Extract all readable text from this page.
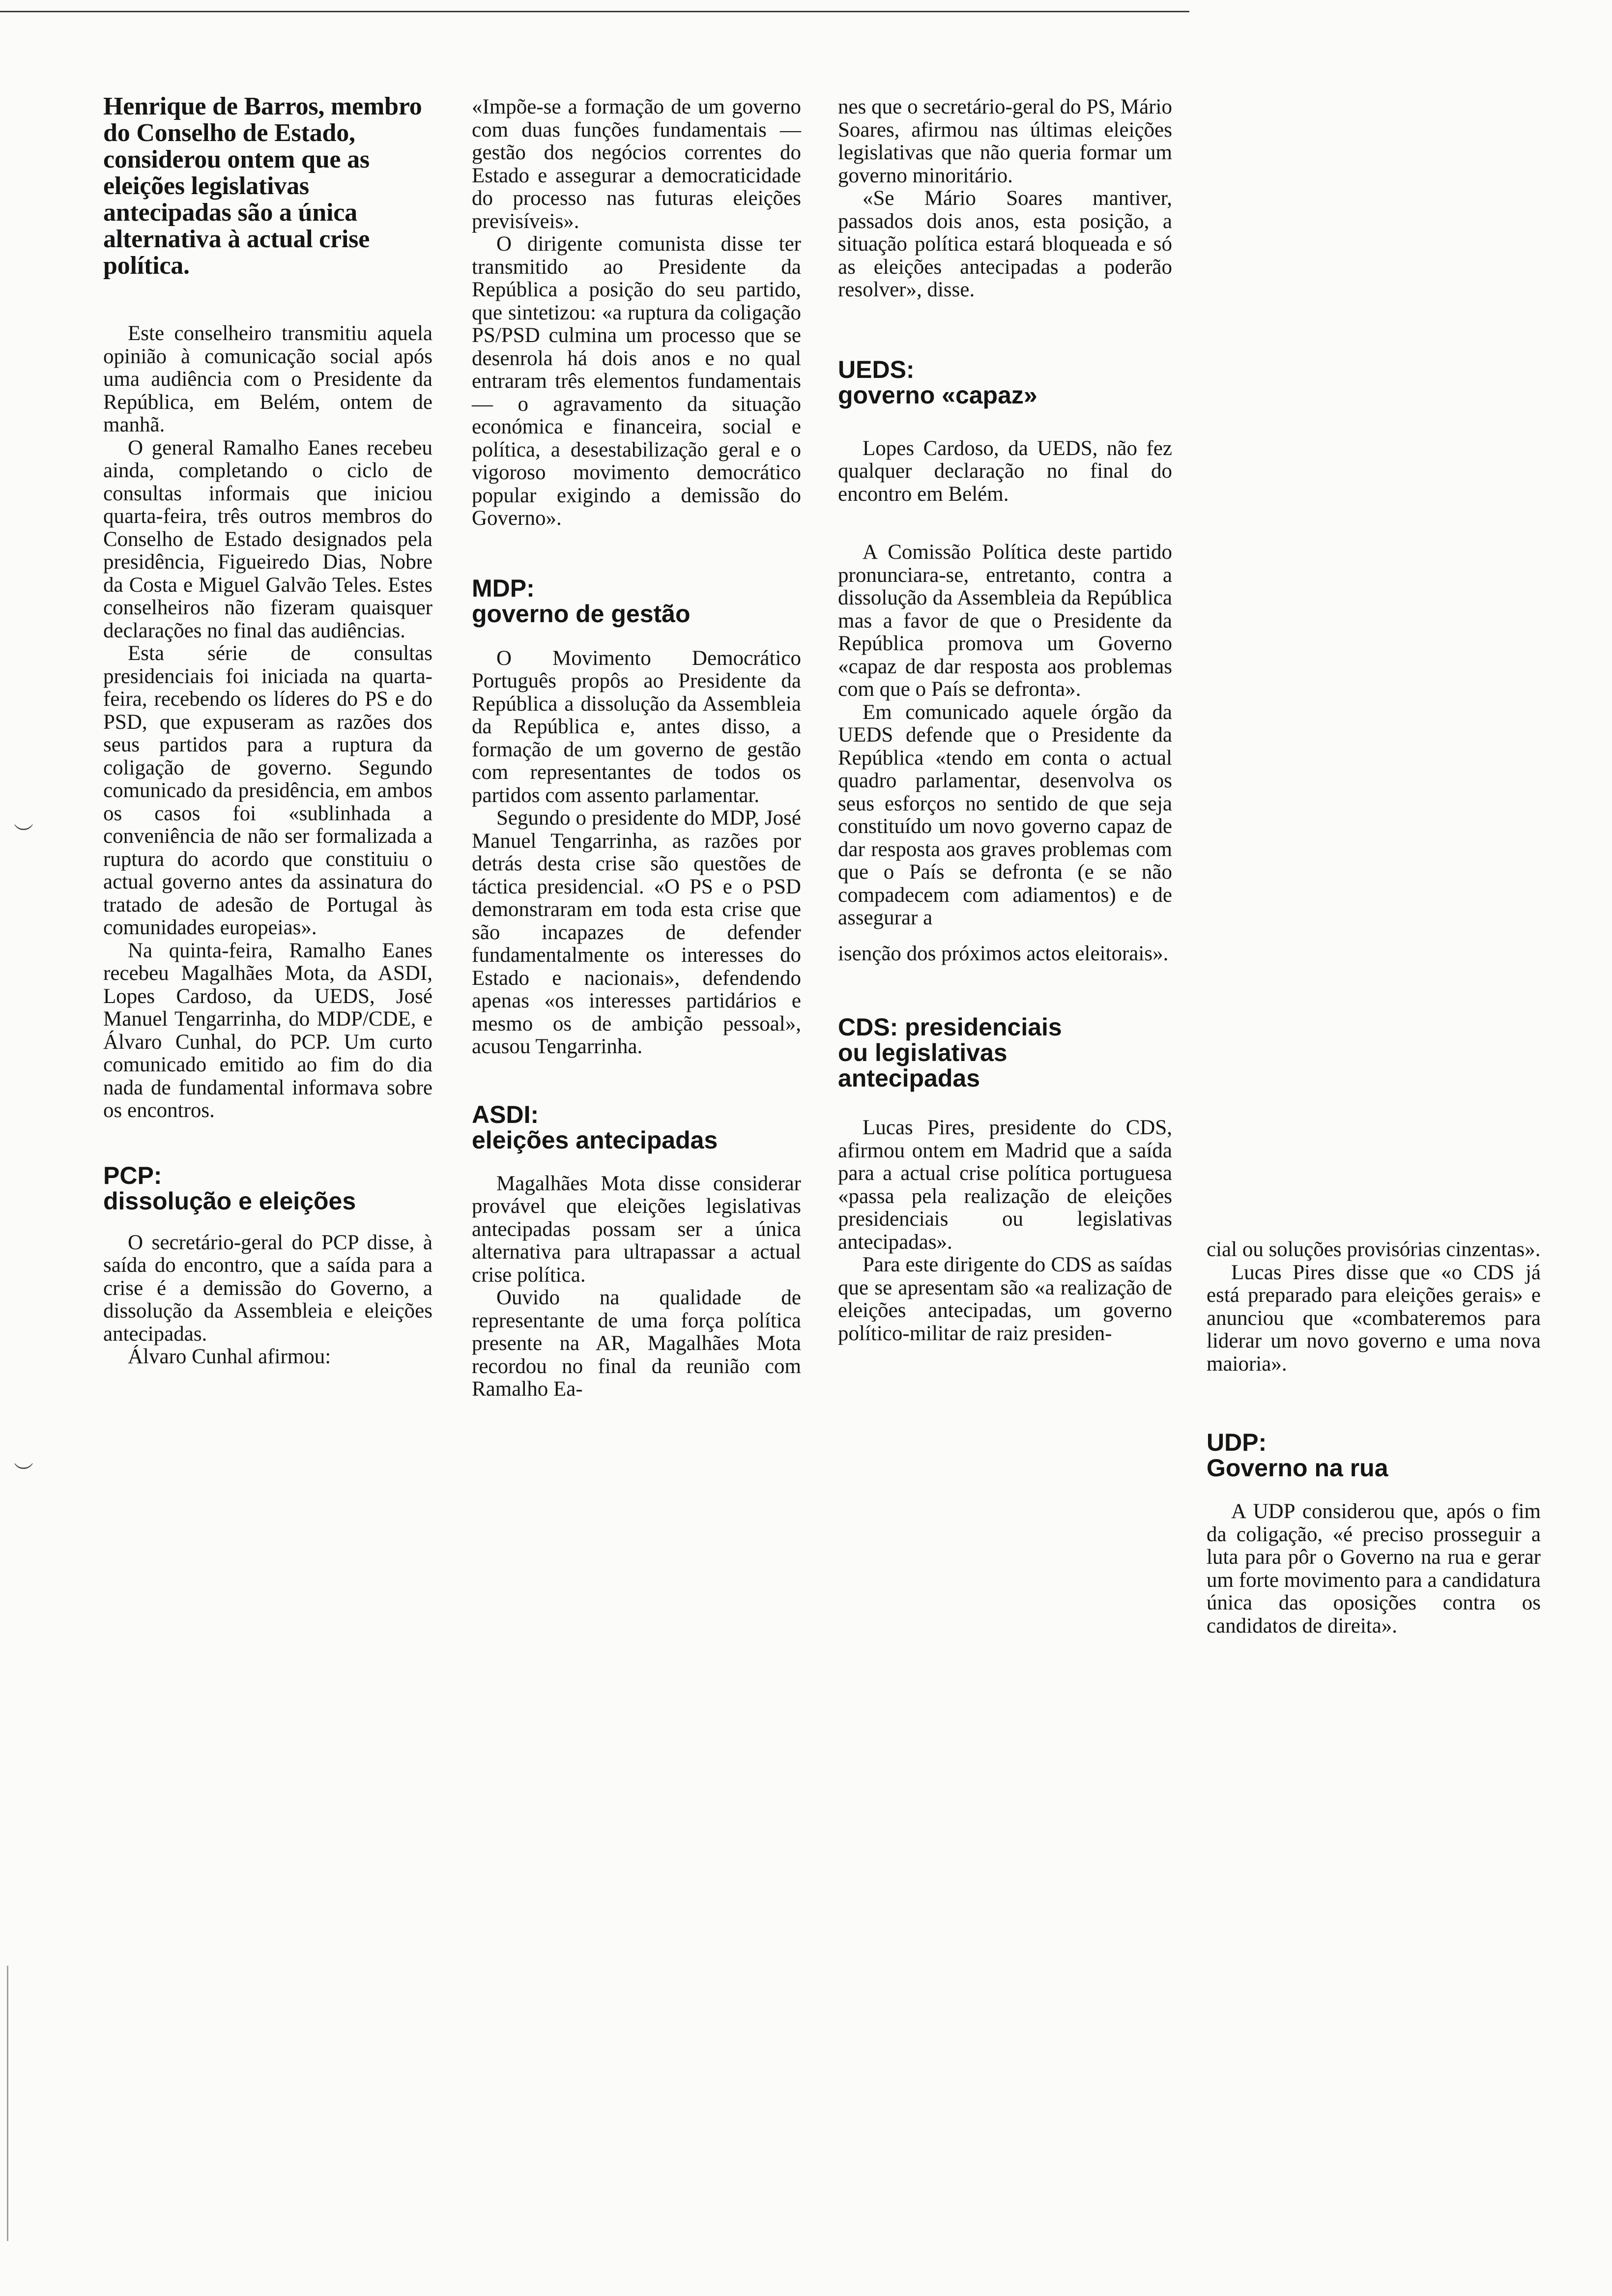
Henrique de Barros, membro do Conselho de Estado, considerou ontem que as eleições legislativas antecipadas são a única alternativa à actual crise política.

Este conselheiro transmitiu aquela opinião à comunicação social após uma audiência com o Presidente da República, em Belém, ontem de manhã.

O general Ramalho Eanes recebeu ainda, completando o ciclo de consultas informais que iniciou quarta-feira, três outros membros do Conselho de Estado designados pela presidência, Figueiredo Dias, Nobre da Costa e Miguel Galvão Teles. Estes conselheiros não fizeram quaisquer declarações no final das audiências.

Esta série de consultas presidenciais foi iniciada na quarta-feira, recebendo os líderes do PS e do PSD, que expuseram as razões dos seus partidos para a ruptura da coligação de governo. Segundo comunicado da presidência, em ambos os casos foi «sublinhada a conveniência de não ser formalizada a ruptura do acordo que constituiu o actual governo antes da assinatura do tratado de adesão de Portugal às comunidades europeias».

Na quinta-feira, Ramalho Eanes recebeu Magalhães Mota, da ASDI, Lopes Cardoso, da UEDS, José Manuel Tengarrinha, do MDP/CDE, e Álvaro Cunhal, do PCP. Um curto comunicado emitido ao fim do dia nada de fundamental informava sobre os encontros.

PCP:

dissolução e eleições

O secretário-geral do PCP disse, à saída do encontro, que a saída para a crise é a demissão do Governo, a dissolução da Assembleia e eleições antecipadas.

Álvaro Cunhal afirmou:

«Impõe-se a formação de um governo com duas funções fundamentais — gestão dos negócios correntes do Estado e assegurar a democraticidade do processo nas futuras eleições previsíveis».

O dirigente comunista disse ter transmitido ao Presidente da República a posição do seu partido, que sintetizou: «a ruptura da coligação PS/PSD culmina um processo que se desenrola há dois anos e no qual entraram três elementos fundamentais — o agravamento da situação económica e financeira, social e política, a desestabilização geral e o vigoroso movimento democrático popular exigindo a demissão do Governo».

MDP:

governo de gestão

O Movimento Democrático Português propôs ao Presidente da República a dissolução da Assembleia da República e, antes disso, a formação de um governo de gestão com representantes de todos os partidos com assento parlamentar.

Segundo o presidente do MDP, José Manuel Tengarrinha, as razões por detrás desta crise são questões de táctica presidencial. «O PS e o PSD demonstraram em toda esta crise que são incapazes de defender fundamentalmente os interesses do Estado e nacionais», defendendo apenas «os interesses partidários e mesmo os de ambição pessoal», acusou Tengarrinha.

ASDI:

eleições antecipadas

Magalhães Mota disse considerar provável que eleições legislativas antecipadas possam ser a única alternativa para ultrapassar a actual crise política.

Ouvido na qualidade de representante de uma força política presente na AR, Magalhães Mota recordou no final da reunião com Ramalho Ea-

nes que o secretário-geral do PS, Mário Soares, afirmou nas últimas eleições legislativas que não queria formar um governo minoritário.

«Se Mário Soares mantiver, passados dois anos, esta posição, a situação política estará bloqueada e só as eleições antecipadas a poderão resolver», disse.

UEDS:

governo «capaz»

Lopes Cardoso, da UEDS, não fez qualquer declaração no final do encontro em Belém.

A Comissão Política deste partido pronunciara-se, entretanto, contra a dissolução da Assembleia da República mas a favor de que o Presidente da República promova um Governo «capaz de dar resposta aos problemas com que o País se defronta».

Em comunicado aquele órgão da UEDS defende que o Presidente da República «tendo em conta o actual quadro parlamentar, desenvolva os seus esforços no sentido de que seja constituído um novo governo capaz de dar resposta aos graves problemas com que o País se defronta (e se não compadecem com adiamentos) e de assegurar a

isenção dos próximos actos eleitorais».

CDS: presidenciais

ou legislativas

antecipadas

Lucas Pires, presidente do CDS, afirmou ontem em Madrid que a saída para a actual crise política portuguesa «passa pela realização de eleições presidenciais ou legislativas antecipadas».

Para este dirigente do CDS as saídas que se apresentam são «a realização de eleições antecipadas, um governo político-militar de raiz presiden-

cial ou soluções provisórias cinzentas».

Lucas Pires disse que «o CDS já está preparado para eleições gerais» e anunciou que «combateremos para liderar um novo governo e uma nova maioria».

UDP:

Governo na rua

A UDP considerou que, após o fim da coligação, «é preciso prosseguir a luta para pôr o Governo na rua e gerar um forte movimento para a candidatura única das oposições contra os candidatos de direita».

︶
︶
